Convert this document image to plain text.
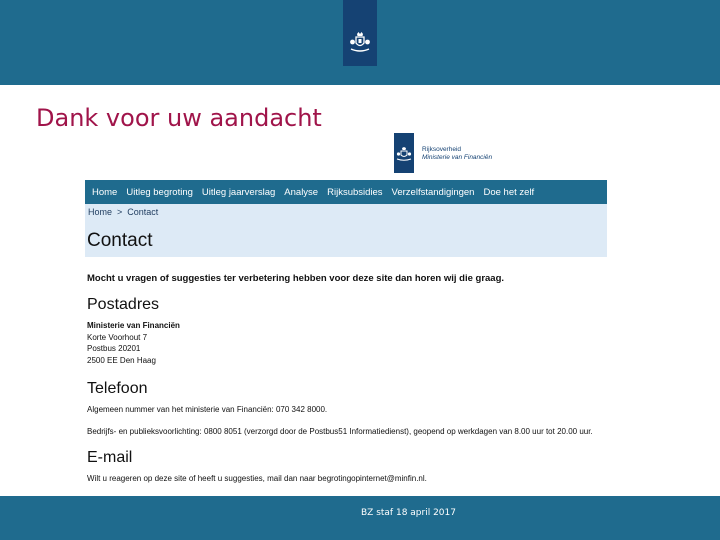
Dank voor uw aandacht
Rijksoverheid
Ministerie van Financiën
Home Uitleg begroting Uitleg jaarverslag Analyse Rijksubsidies Verzelfstandigingen Doe het zelf
Home > Contact
Contact
Mocht u vragen of suggesties ter verbetering hebben voor deze site dan horen wij die graag.
Postadres
Ministerie van Financiën
Korte Voorhout 7
Postbus 20201
2500 EE Den Haag
Telefoon
Algemeen nummer van het ministerie van Financiën: 070 342 8000.
Bedrijfs- en publieksvoorlichting: 0800 8051 (verzorgd door de Postbus51 Informatiedienst), geopend op werkdagen van 8.00 uur tot 20.00 uur.
E-mail
Wilt u reageren op deze site of heeft u suggesties, mail dan naar begrotingopinternet@minfin.nl.
BZ staf 18 april 2017
